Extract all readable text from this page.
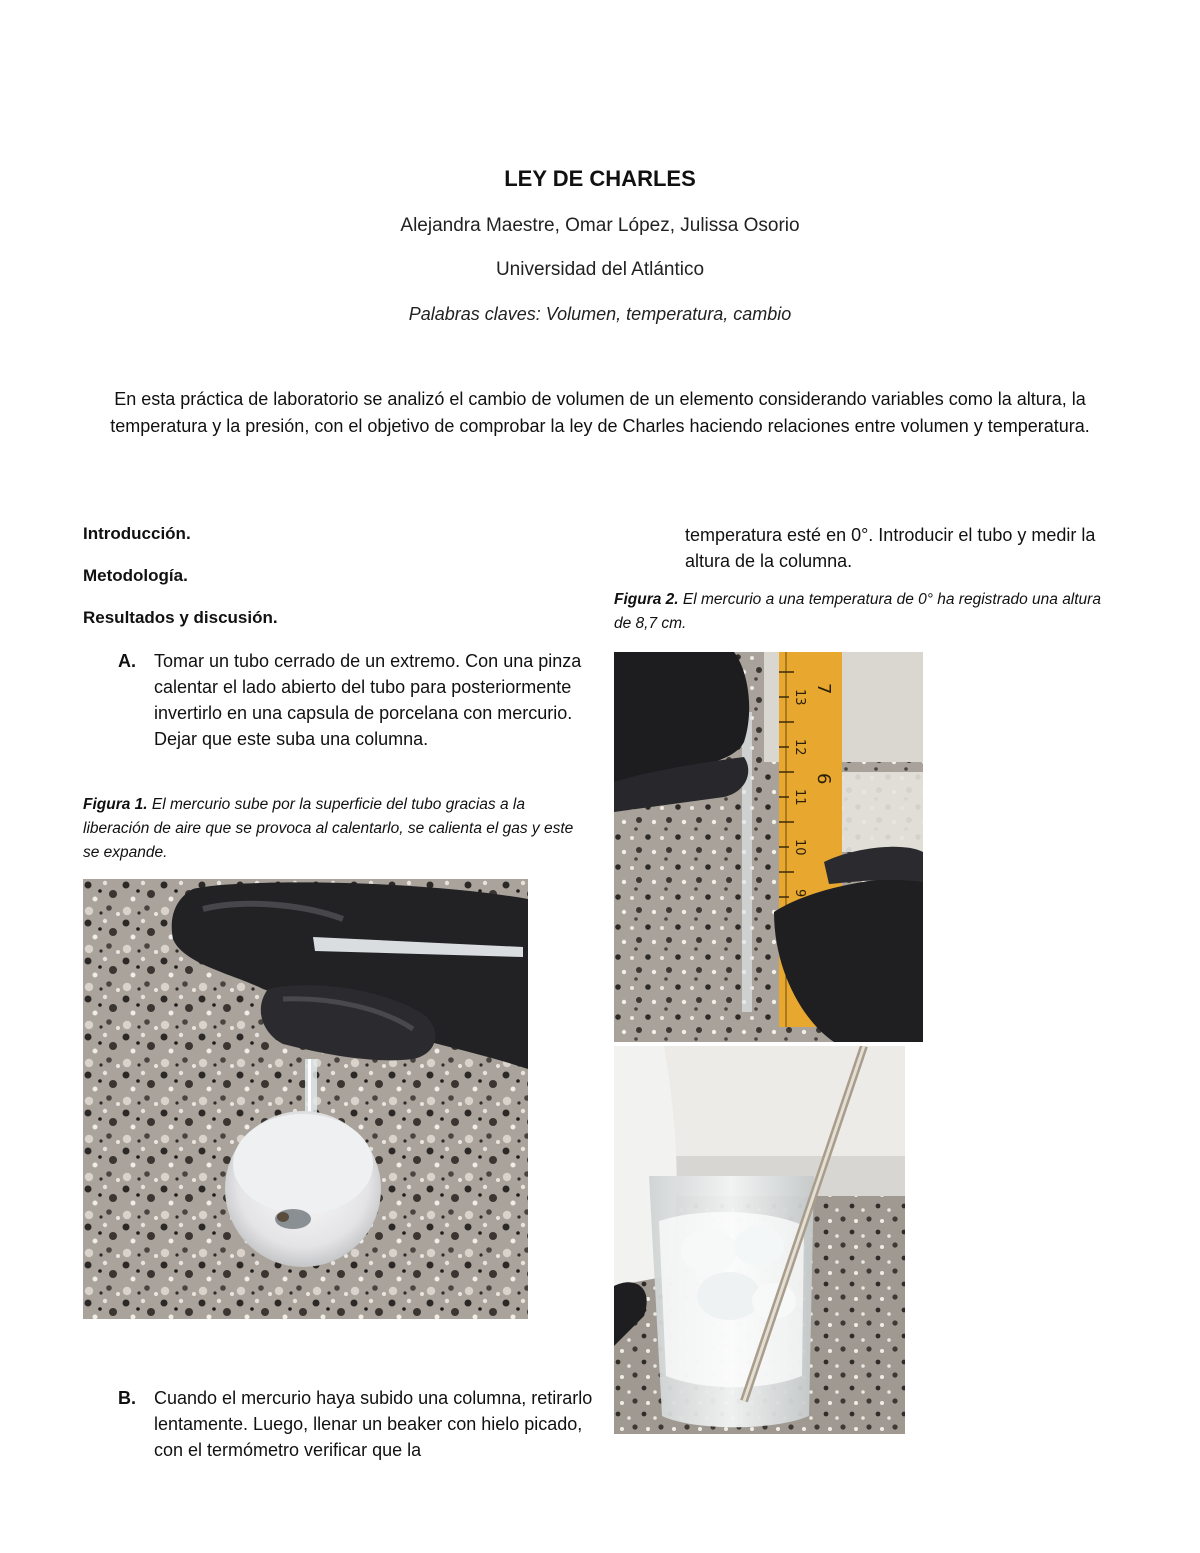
LEY DE CHARLES
Alejandra Maestre, Omar López, Julissa Osorio
Universidad del Atlántico
Palabras claves: Volumen, temperatura, cambio
En esta práctica de laboratorio se analizó el cambio de volumen de un elemento considerando variables como la altura, la temperatura y la presión, con el objetivo de comprobar la ley de Charles haciendo relaciones entre volumen y temperatura.
Introducción.
Metodología.
Resultados y discusión.
A. Tomar un tubo cerrado de un extremo. Con una pinza calentar el lado abierto del tubo para posteriormente invertirlo en una capsula de porcelana con mercurio. Dejar que este suba una columna.
Figura 1. El mercurio sube por la superficie del tubo gracias a la liberación de aire que se provoca al calentarlo, se calienta el gas y este se expande.
B. Cuando el mercurio haya subido una columna, retirarlo lentamente. Luego, llenar un beaker con hielo picado, con el termómetro verificar que la
temperatura esté en 0°. Introducir el tubo y medir la altura de la columna.
Figura 2. El mercurio a una temperatura de 0° ha registrado una altura de 8,7 cm.
13
12
11
10
9
7
6
